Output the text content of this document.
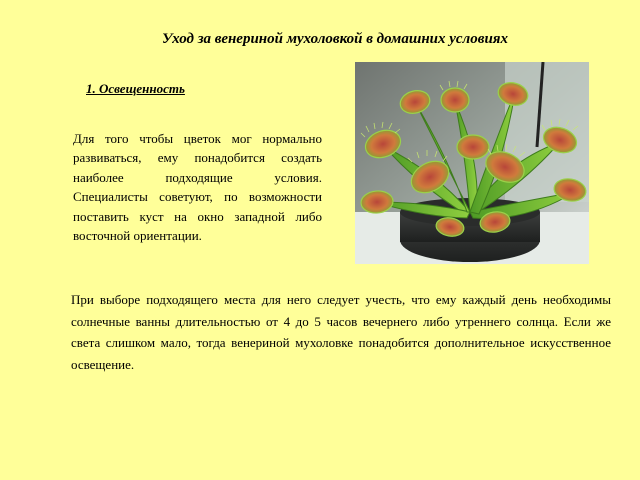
Уход за венериной мухоловкой в домашних условиях
1. Освещенность

Для того чтобы цветок мог нормально развиваться, ему понадобится создать наиболее подходящие условия. Специалисты советуют, по возможности поставить куст на окно западной либо восточной ориентации.

При выборе подходящего места для него следует учесть, что ему каждый день необходимы солнечные ванны длительностью от 4 до 5 часов вечернего либо утреннего солнца. Если же света слишком мало, тогда венериной мухоловке понадобится дополнительное искусственное освещение.
